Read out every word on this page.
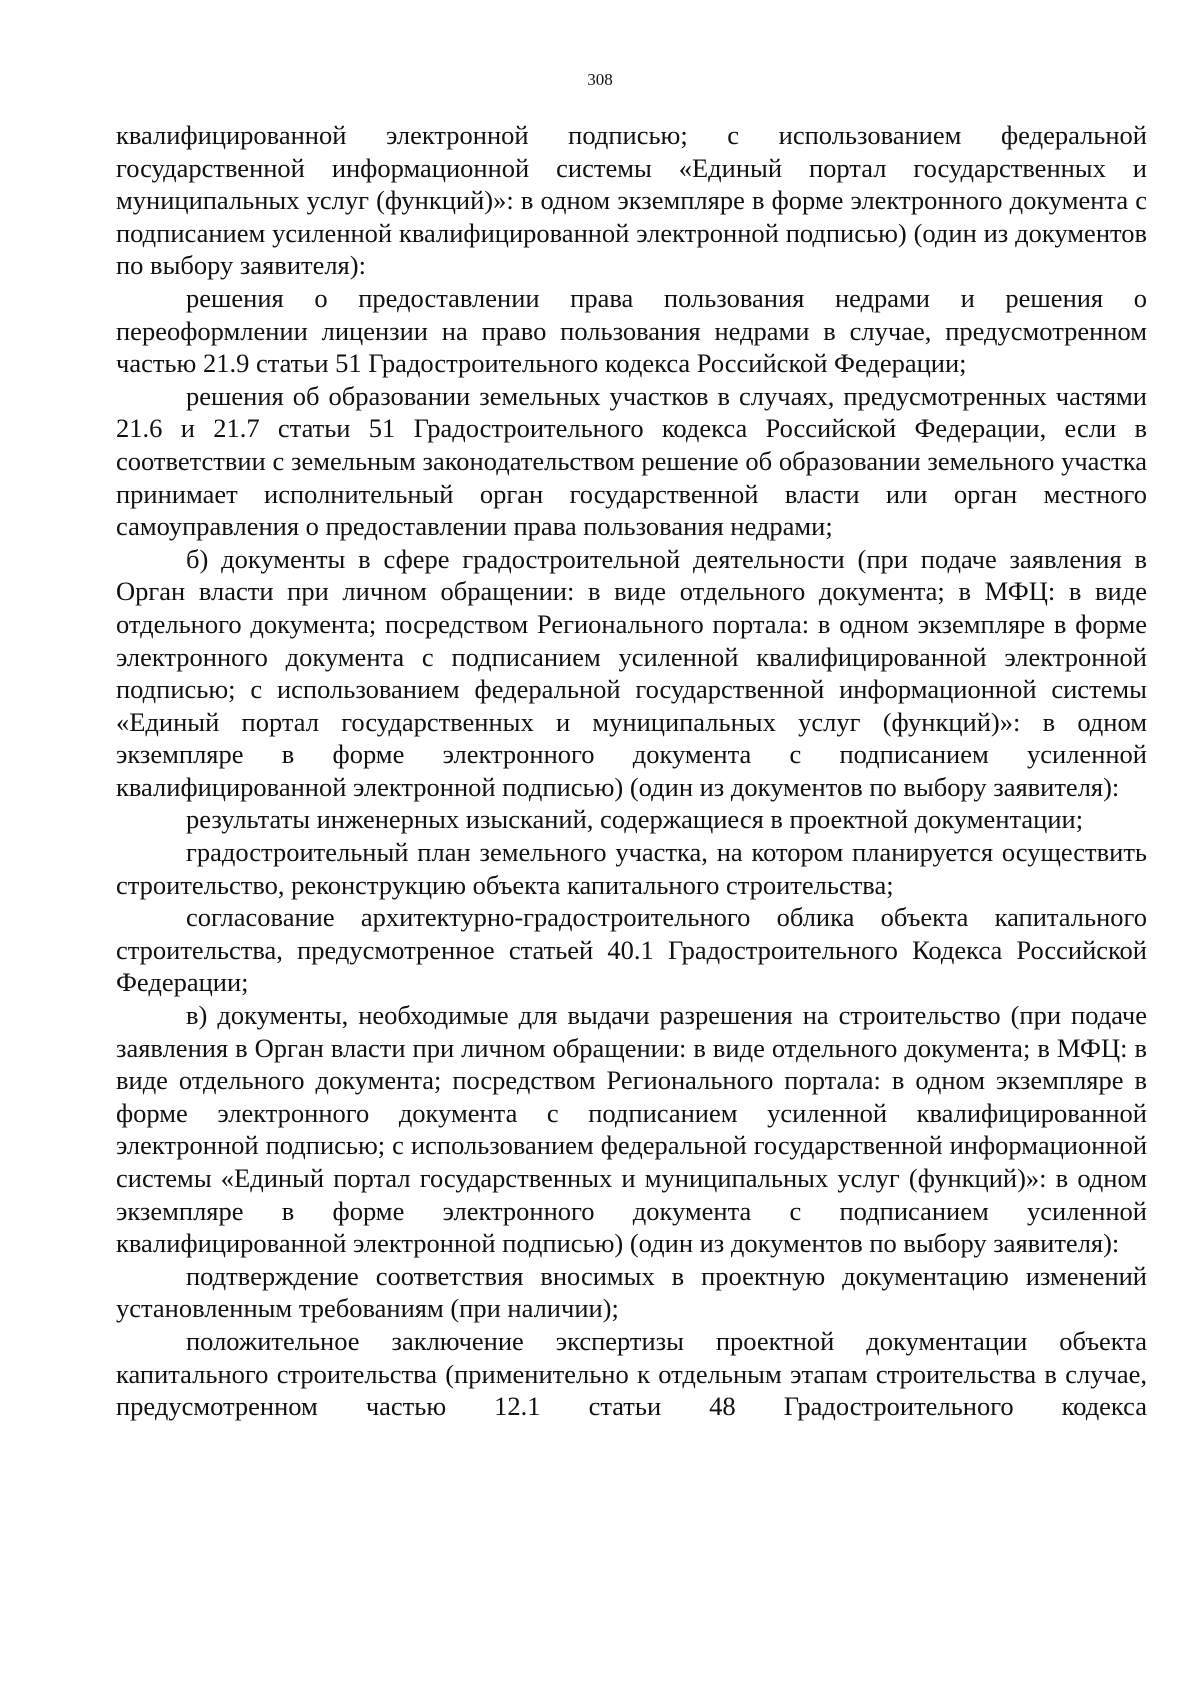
308

квалифицированной электронной подписью; с использованием федеральной государственной информационной системы «Единый портал государственных и муниципальных услуг (функций)»: в одном экземпляре в форме электронного документа с подписанием усиленной квалифицированной электронной подписью) (один из документов по выбору заявителя):

решения о предоставлении права пользования недрами и решения о переоформлении лицензии на право пользования недрами в случае, предусмотренном частью 21.9 статьи 51 Градостроительного кодекса Российской Федерации;

решения об образовании земельных участков в случаях, предусмотренных частями 21.6 и 21.7 статьи 51 Градостроительного кодекса Российской Федерации, если в соответствии с земельным законодательством решение об образовании земельного участка принимает исполнительный орган государственной власти или орган местного самоуправления о предоставлении права пользования недрами;

б) документы в сфере градостроительной деятельности (при подаче заявления в Орган власти при личном обращении: в виде отдельного документа; в МФЦ: в виде отдельного документа; посредством Регионального портала: в одном экземпляре в форме электронного документа с подписанием усиленной квалифицированной электронной подписью; с использованием федеральной государственной информационной системы «Единый портал государственных и муниципальных услуг (функций)»: в одном экземпляре в форме электронного документа с подписанием усиленной квалифицированной электронной подписью) (один из документов по выбору заявителя):

результаты инженерных изысканий, содержащиеся в проектной документации;

градостроительный план земельного участка, на котором планируется осуществить строительство, реконструкцию объекта капитального строительства;

согласование архитектурно-градостроительного облика объекта капитального строительства, предусмотренное статьей 40.1 Градостроительного Кодекса Российской Федерации;

в) документы, необходимые для выдачи разрешения на строительство (при подаче заявления в Орган власти при личном обращении: в виде отдельного документа; в МФЦ: в виде отдельного документа; посредством Регионального портала: в одном экземпляре в форме электронного документа с подписанием усиленной квалифицированной электронной подписью; с использованием федеральной государственной информационной системы «Единый портал государственных и муниципальных услуг (функций)»: в одном экземпляре в форме электронного документа с подписанием усиленной квалифицированной электронной подписью) (один из документов по выбору заявителя):

подтверждение соответствия вносимых в проектную документацию изменений установленным требованиям (при наличии);

положительное заключение экспертизы проектной документации объекта капитального строительства (применительно к отдельным этапам строительства в случае, предусмотренном частью 12.1 статьи 48 Градостроительного кодекса
